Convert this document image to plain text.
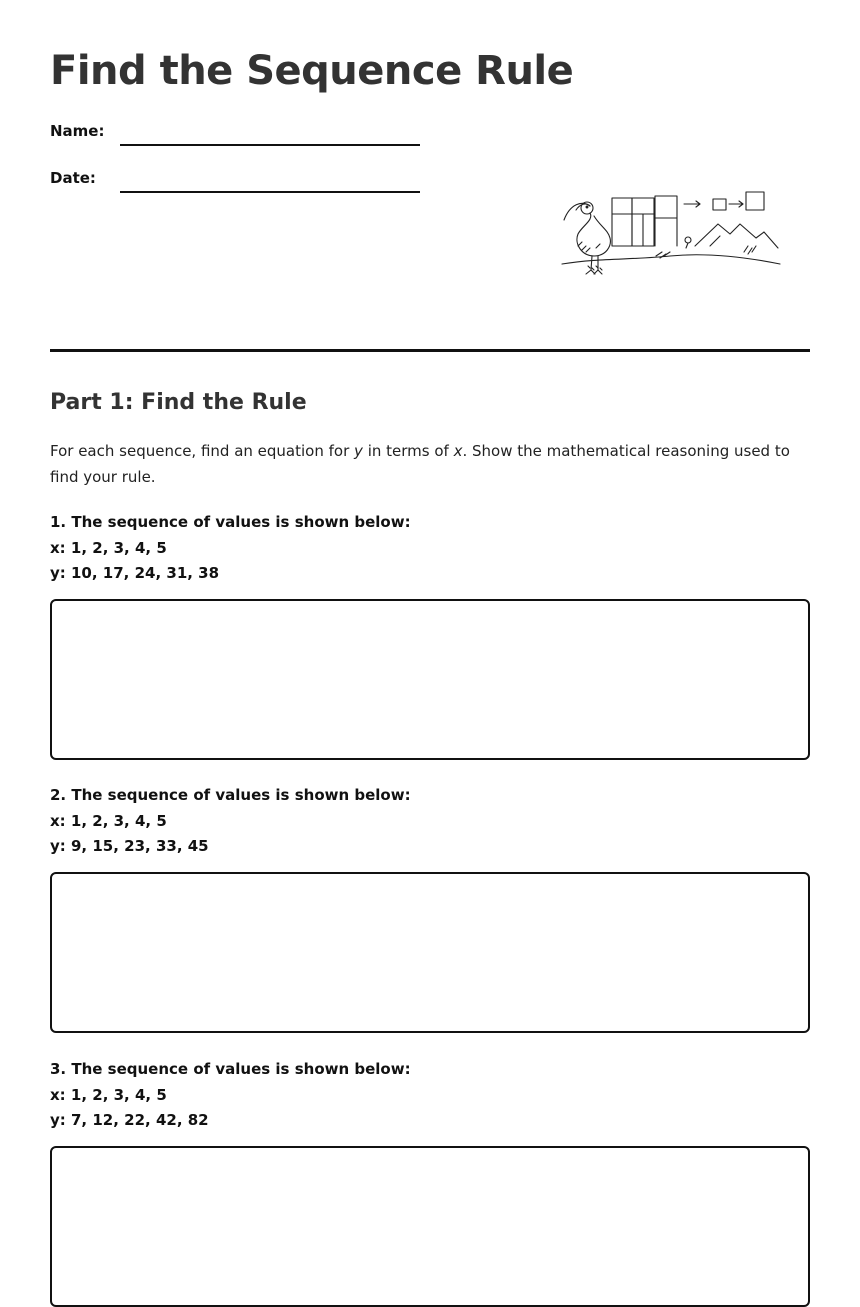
Find the Sequence Rule
Name:
Date:
Part 1: Find the Rule

For each sequence, find an equation for y in terms of x. Show the mathematical reasoning used to find your rule.

1. The sequence of values is shown below:
x: 1, 2, 3, 4, 5
y: 10, 17, 24, 31, 38
2. The sequence of values is shown below:
x: 1, 2, 3, 4, 5
y: 9, 15, 23, 33, 45
3. The sequence of values is shown below:
x: 1, 2, 3, 4, 5
y: 7, 12, 22, 42, 82
